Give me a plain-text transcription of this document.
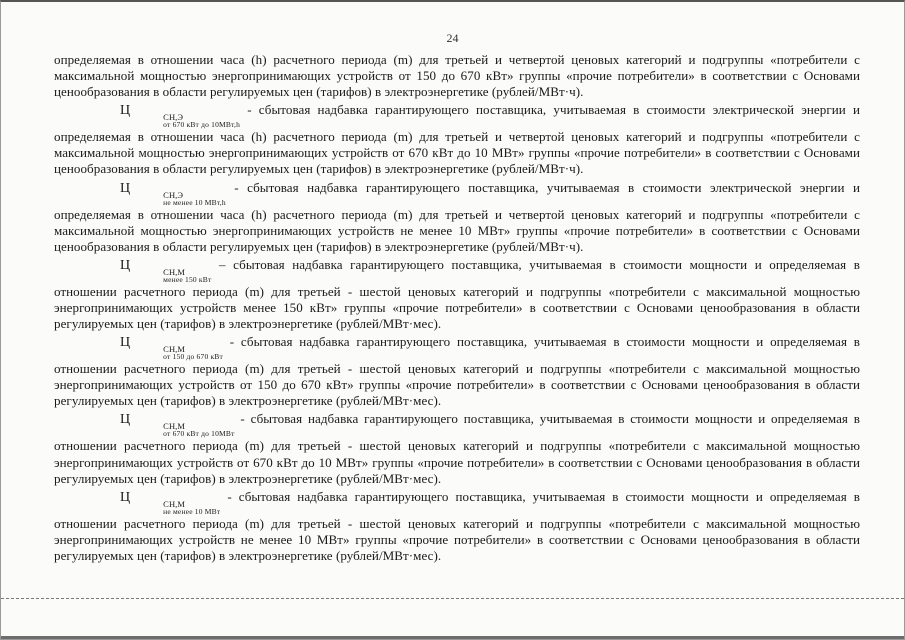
24

определяемая в отношении часа (h) расчетного периода (m) для третьей и четвертой ценовых категорий и подгруппы «потребители с максимальной мощностью энергопринимающих устройств от 150 до 670 кВт» группы «прочие потребители» в соответствии с Основами ценообразования в области регулируемых цен (тарифов) в электроэнергетике (рублей/МВт·ч).

Ц	СН,Э
от 670 кВт до 10МВт,h
- сбытовая надбавка гарантирующего поставщика, учитываемая в стоимости электрической энергии и определяемая в отношении часа (h) расчетного периода (m) для третьей и четвертой ценовых категорий и подгруппы «потребители с максимальной мощностью энергопринимающих устройств от 670 кВт до 10 МВт» группы «прочие потребители» в соответствии с Основами ценообразования в области регулируемых цен (тарифов) в электроэнергетике (рублей/МВт·ч).

Ц	СН,Э
не менее 10 МВт,h
- сбытовая надбавка гарантирующего поставщика, учитываемая в стоимости электрической энергии и определяемая в отношении часа (h) расчетного периода (m) для третьей и четвертой ценовых категорий и подгруппы «потребители с максимальной мощностью энергопринимающих устройств не менее 10 МВт» группы «прочие потребители» в соответствии с Основами ценообразования в области регулируемых цен (тарифов) в электроэнергетике (рублей/МВт·ч).

Ц	СН,М
менее 150 кВт
– сбытовая надбавка гарантирующего поставщика, учитываемая в стоимости мощности и определяемая в отношении расчетного периода (m) для третьей - шестой ценовых категорий и подгруппы «потребители с максимальной мощностью энергопринимающих устройств менее 150 кВт» группы «прочие потребители» в соответствии с Основами ценообразования в области регулируемых цен (тарифов) в электроэнергетике (рублей/МВт·мес).

Ц	СН,М
от 150 до 670 кВт
- сбытовая надбавка гарантирующего поставщика, учитываемая в стоимости мощности и определяемая в отношении расчетного периода (m) для третьей - шестой ценовых категорий и подгруппы «потребители с максимальной мощностью энергопринимающих устройств от 150 до 670 кВт» группы «прочие потребители» в соответствии с Основами ценообразования в области регулируемых цен (тарифов) в электроэнергетике (рублей/МВт·мес).

Ц	СН,М
от 670 кВт до 10МВт
- сбытовая надбавка гарантирующего поставщика, учитываемая в стоимости мощности и определяемая в отношении расчетного периода (m) для третьей - шестой ценовых категорий и подгруппы «потребители с максимальной мощностью энергопринимающих устройств от 670 кВт до 10 МВт» группы «прочие потребители» в соответствии с Основами ценообразования в области регулируемых цен (тарифов) в электроэнергетике (рублей/МВт·мес).

Ц	СН,М
не менее 10 МВт
- сбытовая надбавка гарантирующего поставщика, учитываемая в стоимости мощности и определяемая в отношении расчетного периода (m) для третьей - шестой ценовых категорий и подгруппы «потребители с максимальной мощностью энергопринимающих устройств не менее 10 МВт» группы «прочие потребители» в соответствии с Основами ценообразования в области регулируемых цен (тарифов) в электроэнергетике (рублей/МВт·мес).
